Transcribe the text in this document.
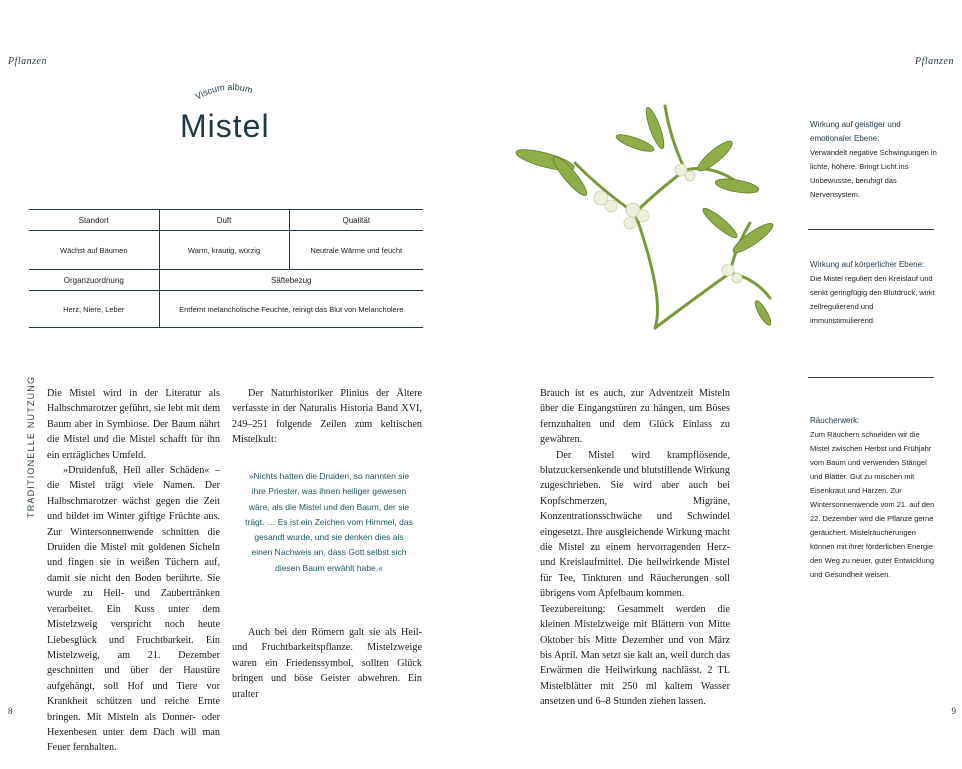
Pflanzen	Pflanzen
8	9
Viscum album
Mistel
Standort	Duft	Qualität
Wächst auf Bäumen	Warm, krautig, würzig	Neutrale Wärme und feucht
Organzuordnung	Säftebezug	
Herz, Niere, Leber	Entfernt melancholische Feuchte, reinigt das Blut von Melancholere	
TRADITIONELLE NUTZUNG Die Mistel wird in der Literatur als Halbschmarotzer geführt, sie lebt mit dem Baum aber in Symbiose. Der Baum nährt die Mistel und die Mistel schafft für ihn ein erträgliches Umfeld.

»Druidenfuß, Heil aller Schäden« – die Mistel trägt viele Namen. Der Halbschmarotzer wächst gegen die Zeit und bildet im Winter giftige Früchte aus. Zur Wintersonnenwende schnitten die Druiden die Mistel mit goldenen Sicheln und fingen sie in weißen Tüchern auf, damit sie nicht den Boden berührte. Sie wurde zu Heil- und Zaubertränken verarbeitet. Ein Kuss unter dem Mistelzweig verspricht noch heute Liebesglück und Fruchtbarkeit. Ein Mistelzweig, am 21. Dezember geschnitten und über der Haustüre aufgehängt, soll Hof und Tiere vor Krankheit schützen und reiche Ernte bringen. Mit Misteln als Donner- oder Hexenbesen unter dem Dach will man Feuer fernhalten.

Der Naturhistoriker Plinius der Ältere verfasste in der Naturalis Historia Band XVI, 249–251 folgende Zeilen zum keltischen Mistelkult:

»Nichts hatten die Druiden, so nannten sie ihre Priester, was ihnen heiliger gewesen wäre, als die Mistel und den Baum, der sie trägt. … Es ist ein Zeichen vom Himmel, das gesandt wurde, und sie denken dies als einen Nachweis an, dass Gott selbst sich diesen Baum erwählt habe.«

Auch bei den Römern galt sie als Heil- und Fruchtbarkeitspflanze. Mistelzweige waren ein Friedenssymbol, sollten Glück bringen und böse Geister abwehren. Ein uralter

Brauch ist es auch, zur Adventzeit Misteln über die Eingangstüren zu hängen, um Böses fernzuhalten und dem Glück Einlass zu gewähren.

Der Mistel wird krampflösende, blutzuckersenkende und blutstillende Wirkung zugeschrieben. Sie wird aber auch bei Kopfschmerzen, Migräne, Konzentrationsschwäche und Schwindel eingesetzt. Ihre ausgleichende Wirkung macht die Mistel zu einem hervorragenden Herz- und Kreislaufmittel. Die heilwirkende Mistel für Tee, Tinkturen und Räucherungen soll übrigens vom Apfelbaum kommen.

Teezubereitung: Gesammelt werden die kleinen Mistelzweige mit Blättern von Mitte Oktober bis Mitte Dezember und von März bis April. Man setzt sie kalt an, weil durch das Erwärmen die Heilwirkung nachlässt. 2 TL Mistelblätter mit 250 ml kaltem Wasser ansetzen und 6–8 Stunden ziehen lassen.

Wirkung auf geistiger und emotionaler Ebene:
Verwandelt negative Schwingungen in lichte, höhere. Bringt Licht ins Unbewusste, beruhigt das Nervensystem.
Wirkung auf körperlicher Ebene:
Die Mistel reguliert den Kreislauf und senkt geringfügig den Blutdruck, wirkt zellregulierend und immunstimulierend.
Räucherwerk:
Zum Räuchern schneiden wir die Mistel zwischen Herbst und Frühjahr vom Baum und verwenden Stängel und Blätter. Gut zu mischen mit Eisenkraut und Harzen. Zur Wintersonnenwende vom 21. auf den 22. Dezember wird die Pflanze gerne geräuchert. Mistelräucherungen können mit ihrer förderlichen Energie den Weg zu neuer, guter Entwicklung und Gesundheit weisen.
